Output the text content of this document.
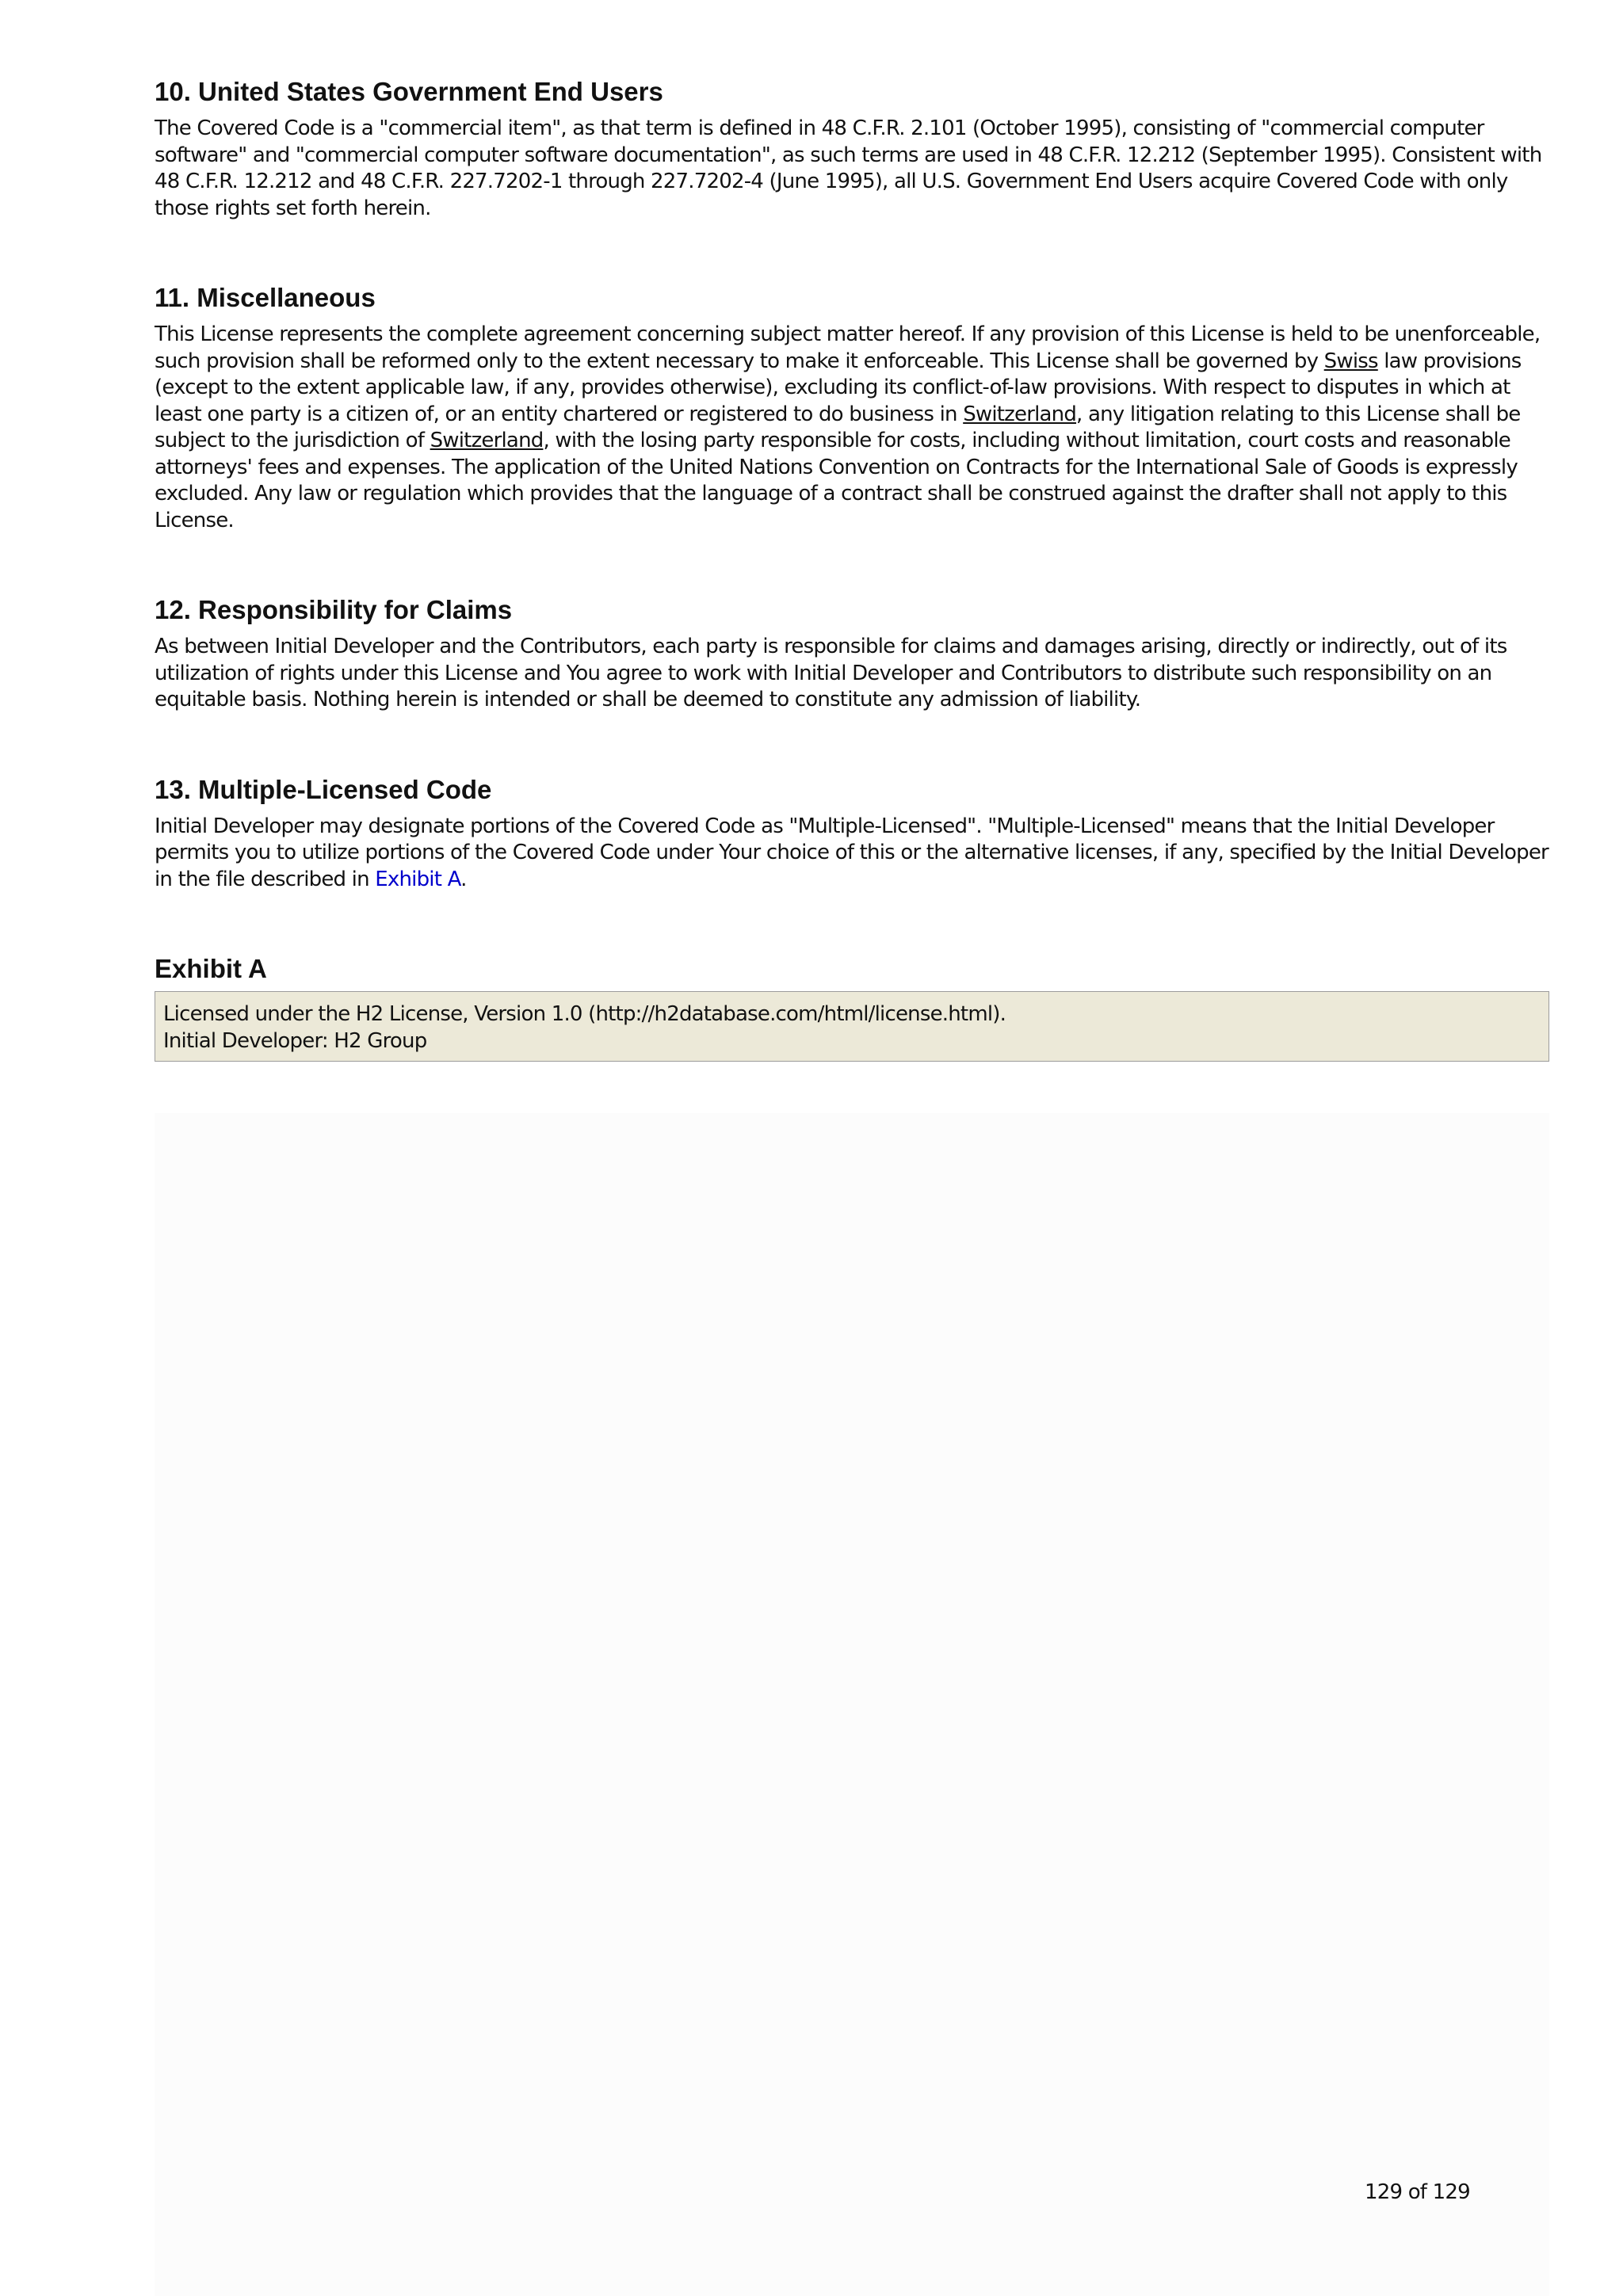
10. United States Government End Users

The Covered Code is a "commercial item", as that term is defined in 48 C.F.R. 2.101 (October 1995), consisting of "commercial computer software" and "commercial computer software documentation", as such terms are used in 48 C.F.R. 12.212 (September 1995). Consistent with 48 C.F.R. 12.212 and 48 C.F.R. 227.7202-1 through 227.7202-4 (June 1995), all U.S. Government End Users acquire Covered Code with only those rights set forth herein.

11. Miscellaneous

This License represents the complete agreement concerning subject matter hereof. If any provision of this License is held to be unenforceable, such provision shall be reformed only to the extent necessary to make it enforceable. This License shall be governed by Swiss law provisions (except to the extent applicable law, if any, provides otherwise), excluding its conflict-of-law provisions. With respect to disputes in which at least one party is a citizen of, or an entity chartered or registered to do business in Switzerland, any litigation relating to this License shall be subject to the jurisdiction of Switzerland, with the losing party responsible for costs, including without limitation, court costs and reasonable attorneys' fees and expenses. The application of the United Nations Convention on Contracts for the International Sale of Goods is expressly excluded. Any law or regulation which provides that the language of a contract shall be construed against the drafter shall not apply to this License.

12. Responsibility for Claims

As between Initial Developer and the Contributors, each party is responsible for claims and damages arising, directly or indirectly, out of its utilization of rights under this License and You agree to work with Initial Developer and Contributors to distribute such responsibility on an equitable basis. Nothing herein is intended or shall be deemed to constitute any admission of liability.

13. Multiple-Licensed Code

Initial Developer may designate portions of the Covered Code as "Multiple-Licensed". "Multiple-Licensed" means that the Initial Developer permits you to utilize portions of the Covered Code under Your choice of this or the alternative licenses, if any, specified by the Initial Developer in the file described in Exhibit A.

Exhibit A
Licensed under the H2 License, Version 1.0 (http://h2database.com/html/license.html).
Initial Developer: H2 Group
129 of 129
